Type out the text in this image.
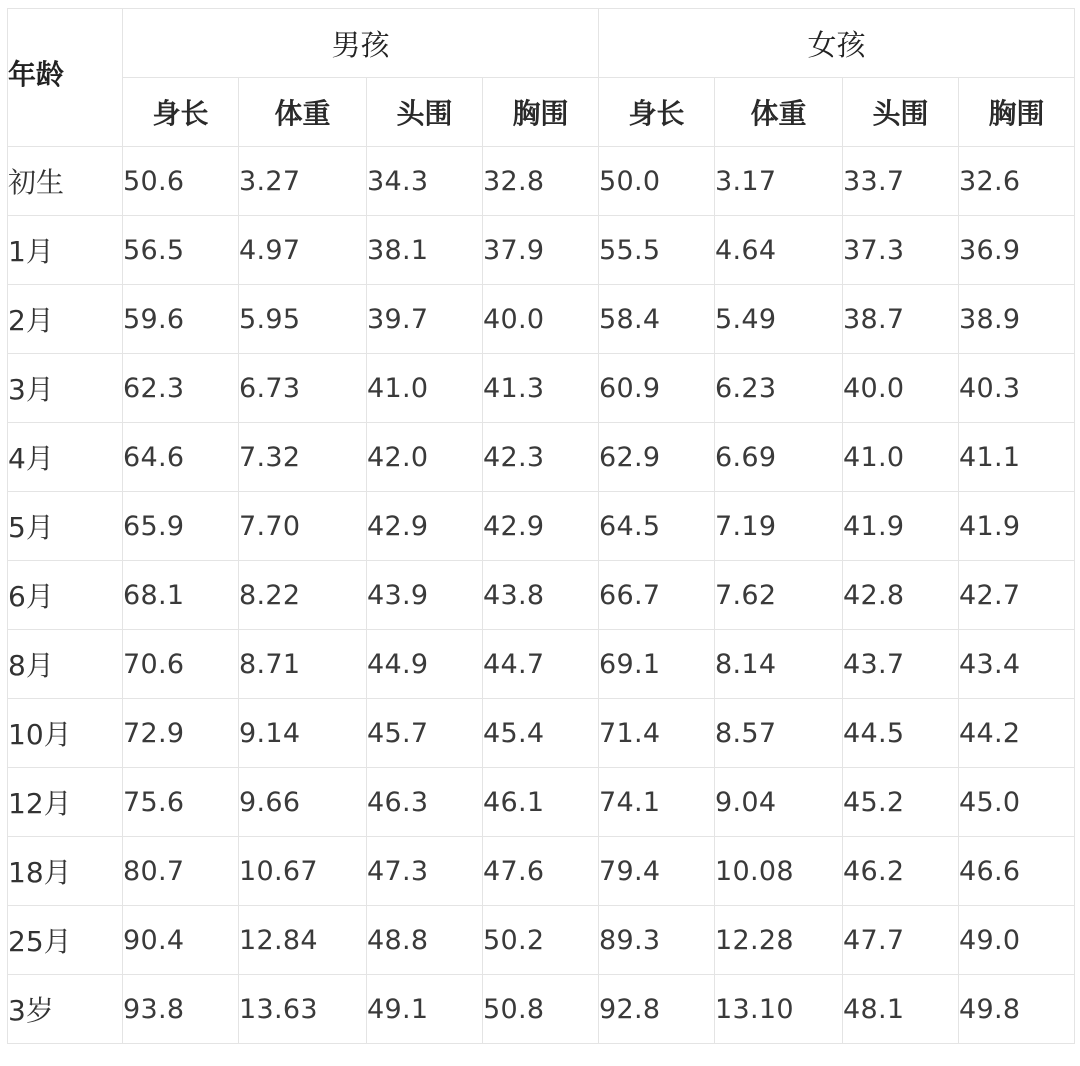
年龄	男孩				女孩			
	身长	体重	头围	胸围	身长	体重	头围	胸围
初生	50.6	3.27	34.3	32.8	50.0	3.17	33.7	32.6
1月	56.5	4.97	38.1	37.9	55.5	4.64	37.3	36.9
2月	59.6	5.95	39.7	40.0	58.4	5.49	38.7	38.9
3月	62.3	6.73	41.0	41.3	60.9	6.23	40.0	40.3
4月	64.6	7.32	42.0	42.3	62.9	6.69	41.0	41.1
5月	65.9	7.70	42.9	42.9	64.5	7.19	41.9	41.9
6月	68.1	8.22	43.9	43.8	66.7	7.62	42.8	42.7
8月	70.6	8.71	44.9	44.7	69.1	8.14	43.7	43.4
10月	72.9	9.14	45.7	45.4	71.4	8.57	44.5	44.2
12月	75.6	9.66	46.3	46.1	74.1	9.04	45.2	45.0
18月	80.7	10.67	47.3	47.6	79.4	10.08	46.2	46.6
25月	90.4	12.84	48.8	50.2	89.3	12.28	47.7	49.0
3岁	93.8	13.63	49.1	50.8	92.8	13.10	48.1	49.8
